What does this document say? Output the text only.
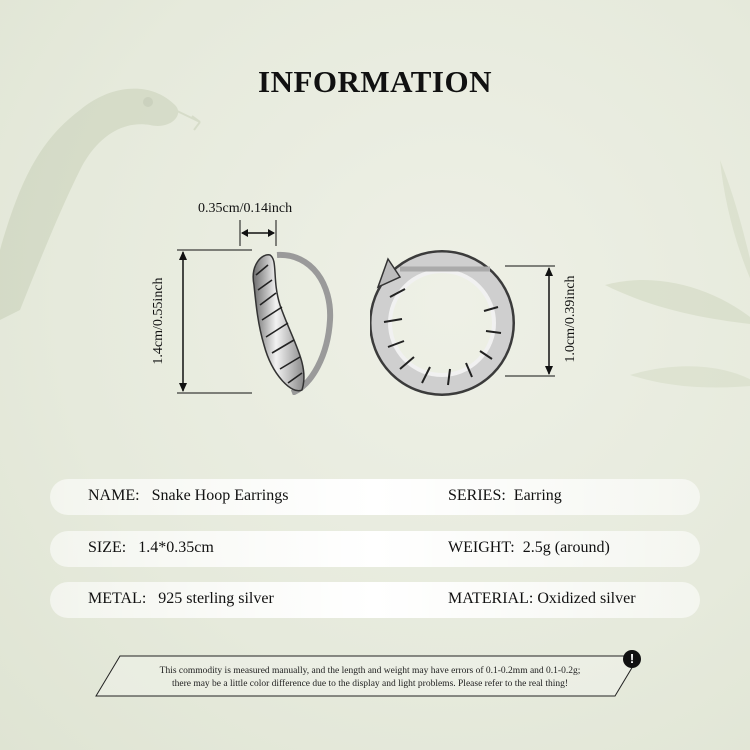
INFORMATION
0.35cm/0.14inch
1.4cm/0.55inch	1.0cm/0.39inch
NAME: Snake Hoop Earrings	SERIES: Earring
SIZE: 1.4*0.35cm	WEIGHT: 2.5g (around)
METAL: 925 sterling silver	MATERIAL: Oxidized silver
This commodity is measured manually, and the length and weight may have errors of 0.1-0.2mm and 0.1-0.2g;
there may be a little color difference due to the display and light problems. Please refer to the real thing!
!
